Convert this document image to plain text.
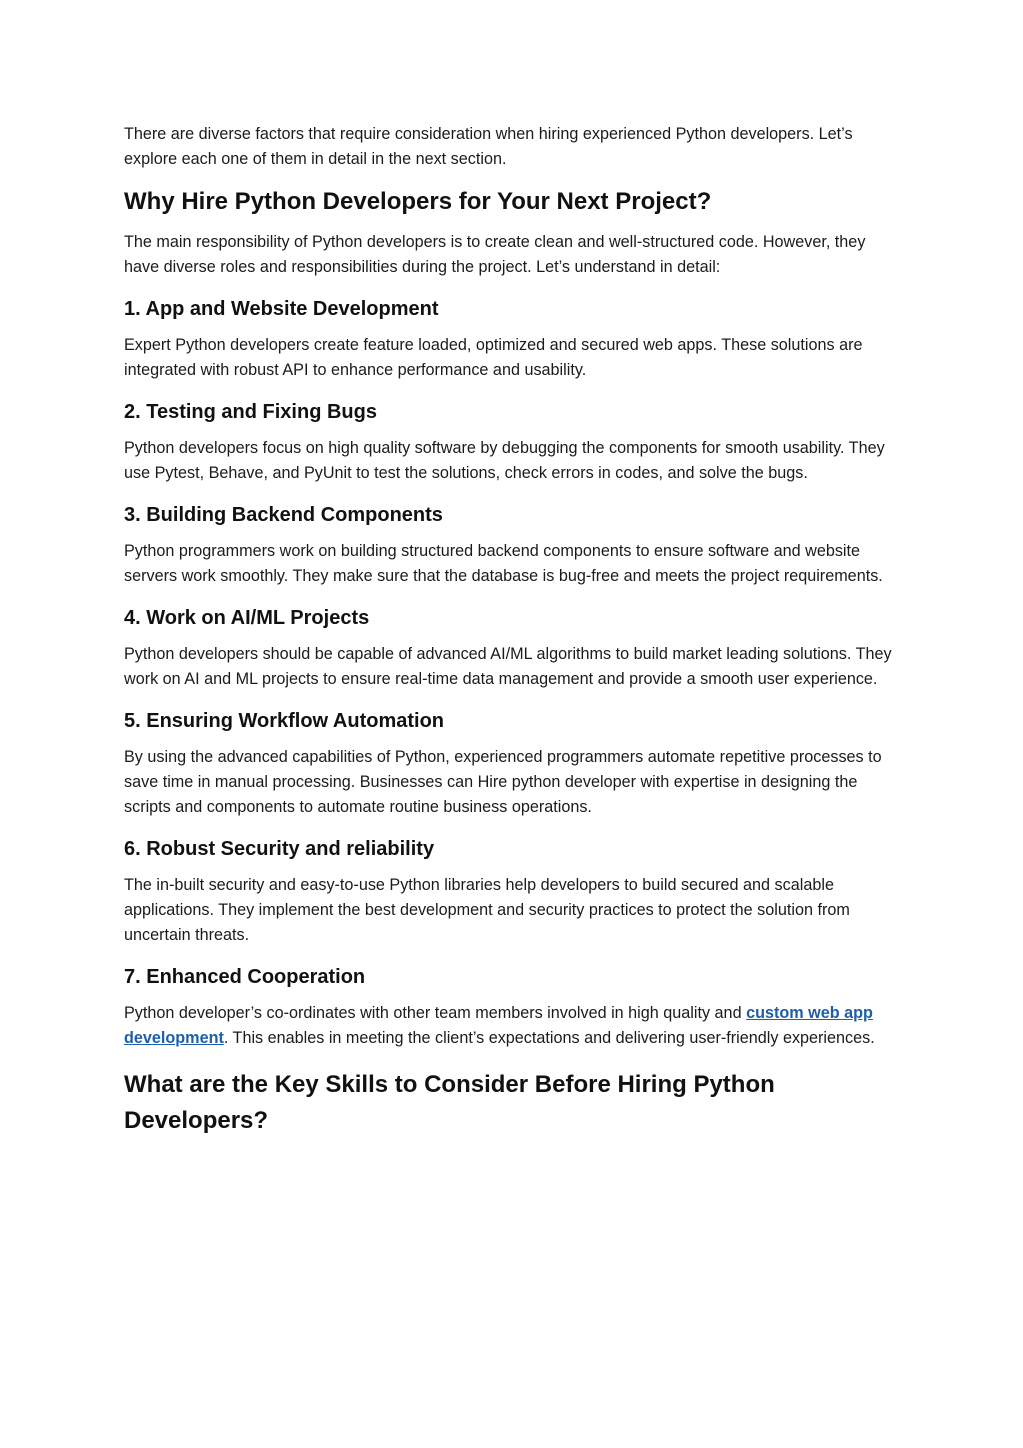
There are diverse factors that require consideration when hiring experienced Python developers. Let’s explore each one of them in detail in the next section.

Why Hire Python Developers for Your Next Project?

The main responsibility of Python developers is to create clean and well-structured code. However, they have diverse roles and responsibilities during the project. Let’s understand in detail:

1. App and Website Development

Expert Python developers create feature loaded, optimized and secured web apps. These solutions are integrated with robust API to enhance performance and usability.

2. Testing and Fixing Bugs

Python developers focus on high quality software by debugging the components for smooth usability. They use Pytest, Behave, and PyUnit to test the solutions, check errors in codes, and solve the bugs.

3. Building Backend Components

Python programmers work on building structured backend components to ensure software and website servers work smoothly. They make sure that the database is bug-free and meets the project requirements.

4. Work on AI/ML Projects

Python developers should be capable of advanced AI/ML algorithms to build market leading solutions. They work on AI and ML projects to ensure real-time data management and provide a smooth user experience.

5. Ensuring Workflow Automation

By using the advanced capabilities of Python, experienced programmers automate repetitive processes to save time in manual processing. Businesses can Hire python developer with expertise in designing the scripts and components to automate routine business operations.

6. Robust Security and reliability

The in-built security and easy-to-use Python libraries help developers to build secured and scalable applications. They implement the best development and security practices to protect the solution from uncertain threats.

7. Enhanced Cooperation

Python developer’s co-ordinates with other team members involved in high quality and custom web app development. This enables in meeting the client’s expectations and delivering user-friendly experiences.

What are the Key Skills to Consider Before Hiring Python Developers?
